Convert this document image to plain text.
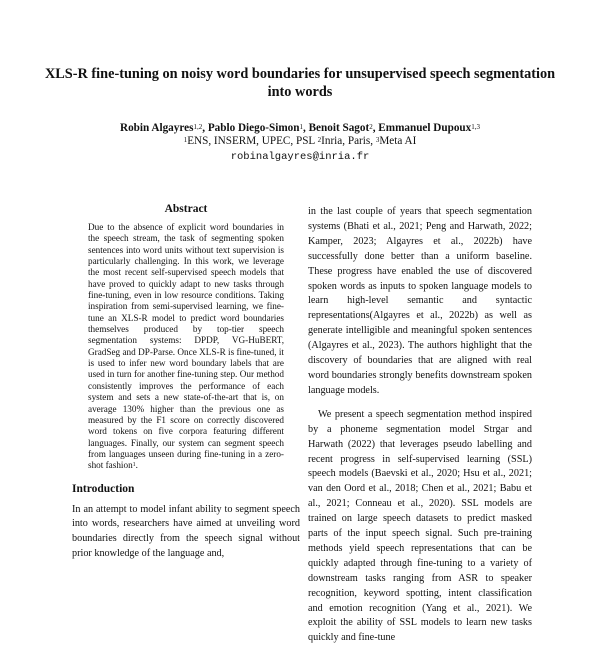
XLS-R fine-tuning on noisy word boundaries for unsupervised speech segmentation into words
Robin Algayres$^{1,2}$, Pablo Diego-Simon$^1$, Benoit Sagot$^2$, Emmanuel Dupoux$^{1,3}$
$^1$ENS, INSERM, UPEC, PSL $^2$Inria, Paris, $^3$Meta AI
robinalgayres@inria.fr
Abstract
Due to the absence of explicit word boundaries in the speech stream, the task of segmenting spoken sentences into word units without text supervision is particularly challenging. In this work, we leverage the most recent self-supervised speech models that have proved to quickly adapt to new tasks through fine-tuning, even in low resource conditions. Taking inspiration from semi-supervised learning, we fine-tune an XLS-R model to predict word boundaries themselves produced by top-tier speech segmentation systems: DPDP, VG-HuBERT, GradSeg and DP-Parse. Once XLS-R is fine-tuned, it is used to infer new word boundary labels that are used in turn for another fine-tuning step. Our method consistently improves the performance of each system and sets a new state-of-the-art that is, on average 130% higher than the previous one as measured by the F1 score on correctly discovered word tokens on five corpora featuring different languages. Finally, our system can segment speech from languages unseen during fine-tuning in a zero-shot fashion$^1$.
Introduction

In an attempt to model infant ability to segment speech into words, researchers have aimed at unveiling word boundaries directly from the speech signal without prior knowledge of the language and,

in the last couple of years that speech segmentation systems (Bhati et al., 2021; Peng and Harwath, 2022; Kamper, 2023; Algayres et al., 2022b) have successfully done better than a uniform baseline. These progress have enabled the use of discovered spoken words as inputs to spoken language models to learn high-level semantic and syntactic representations(Algayres et al., 2022b) as well as generate intelligible and meaningful spoken sentences (Algayres et al., 2023). The authors highlight that the discovery of boundaries that are aligned with real word boundaries strongly benefits downstream spoken language models.

We present a speech segmentation method inspired by a phoneme segmentation model Strgar and Harwath (2022) that leverages pseudo labelling and recent progress in self-supervised learning (SSL) speech models (Baevski et al., 2020; Hsu et al., 2021; van den Oord et al., 2018; Chen et al., 2021; Babu et al., 2021; Conneau et al., 2020). SSL models are trained on large speech datasets to predict masked parts of the input speech signal. Such pre-training methods yield speech representations that can be quickly adapted through fine-tuning to a variety of downstream tasks ranging from ASR to speaker recognition, keyword spotting, intent classification and emotion recognition (Yang et al., 2021). We exploit the ability of SSL models to learn new tasks quickly and fine-tune
